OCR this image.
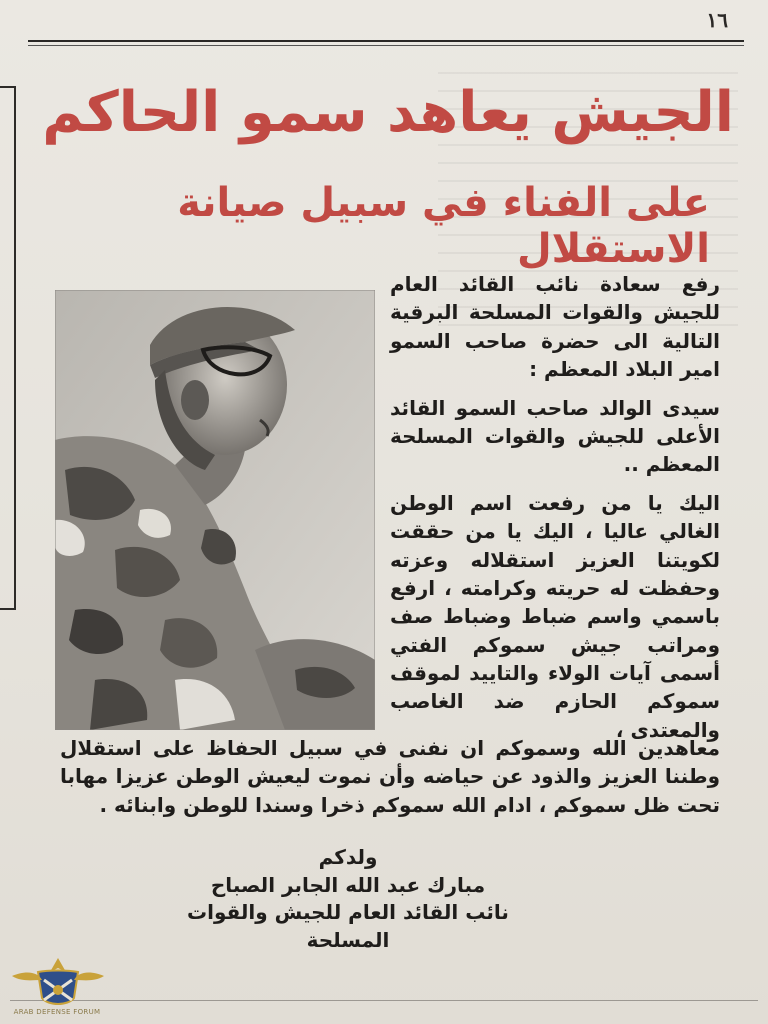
١٦
الجيش يعاهد سمو الحاكم
على الفناء في سبيل صيانة الاستقلال

رفع سعادة نائب القائد العام للجيش والقوات المسلحة البرقية التالية الى حضرة صاحب السمو امير البلاد المعظم :

سيدى الوالد صاحب السمو القائد الأعلى للجيش والقوات المسلحة المعظم ..

اليك يا من رفعت اسم الوطن الغالي عاليا ، اليك يا من حققت لكويتنا العزيز استقلاله وعزته وحفظت له حريته وكرامته ، ارفع باسمي واسم ضباط وضباط صف ومراتب جيش سموكم الفتي أسمى آيات الولاء والتاييد لموقف سموكم الحازم ضد الغاصب والمعتدى ،

معاهدين الله وسموكم ان نفنى في سبيل الحفاظ على استقلال وطننا العزيز والذود عن حياضه وأن نموت ليعيش الوطن عزيزا مهابا تحت ظل سموكم ، ادام الله سموكم ذخرا وسندا للوطن وابنائه .

ولدكم
مبارك عبد الله الجابر الصباح
نائب القائد العام للجيش والقوات
المسلحة
ARAB DEFENSE FORUM
